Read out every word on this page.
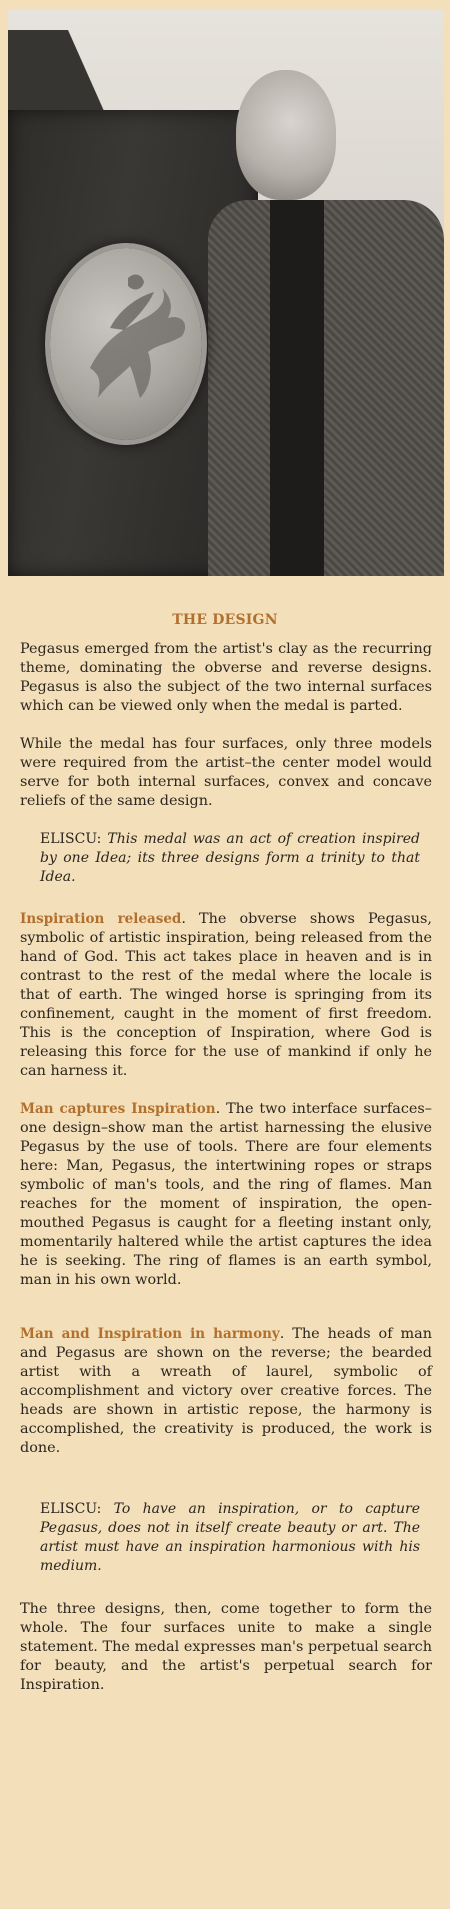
THE DESIGN

Pegasus emerged from the artist's clay as the recurring theme, dominating the obverse and reverse designs. Pegasus is also the subject of the two internal surfaces which can be viewed only when the medal is parted.

While the medal has four surfaces, only three models were required from the artist–the center model would serve for both internal surfaces, convex and concave reliefs of the same design.

ELISCU: This medal was an act of creation inspired by one Idea; its three designs form a trinity to that Idea.

Inspiration released. The obverse shows Pegasus, symbolic of artistic inspiration, being released from the hand of God. This act takes place in heaven and is in contrast to the rest of the medal where the locale is that of earth. The winged horse is springing from its confinement, caught in the moment of first freedom. This is the conception of Inspiration, where God is releasing this force for the use of mankind if only he can harness it.

Man captures Inspiration. The two interface surfaces–one design–show man the artist harnessing the elusive Pegasus by the use of tools. There are four elements here: Man, Pegasus, the intertwining ropes or straps symbolic of man's tools, and the ring of flames. Man reaches for the moment of inspiration, the open-mouthed Pegasus is caught for a fleeting instant only, momentarily haltered while the artist captures the idea he is seeking. The ring of flames is an earth symbol, man in his own world.

Man and Inspiration in harmony. The heads of man and Pegasus are shown on the reverse; the bearded artist with a wreath of laurel, symbolic of accomplishment and victory over creative forces. The heads are shown in artistic repose, the harmony is accomplished, the creativity is produced, the work is done.

ELISCU: To have an inspiration, or to capture Pegasus, does not in itself create beauty or art. The artist must have an inspiration harmonious with his medium.

The three designs, then, come together to form the whole. The four surfaces unite to make a single statement. The medal expresses man's perpetual search for beauty, and the artist's perpetual search for Inspiration.
